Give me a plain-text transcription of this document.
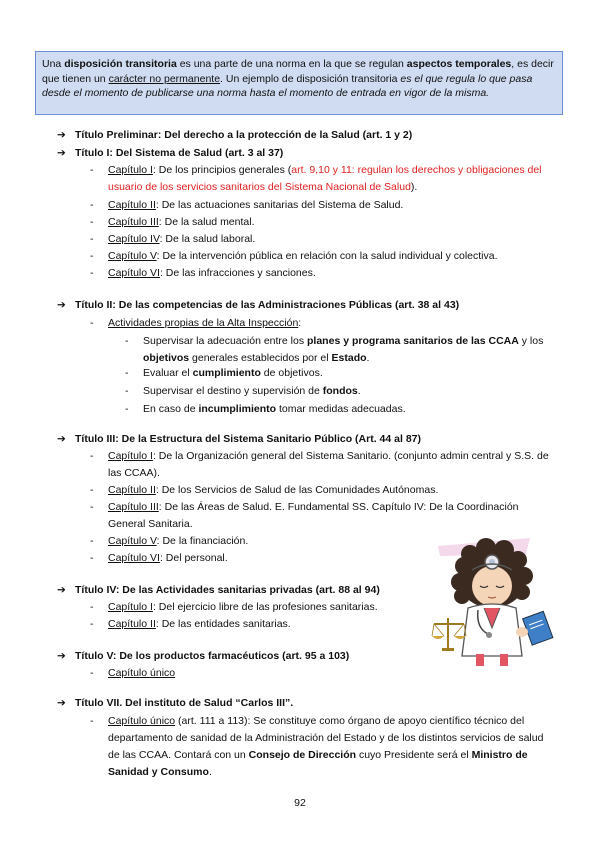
Una disposición transitoria es una parte de una norma en la que se regulan aspectos temporales, es decir que tienen un carácter no permanente. Un ejemplo de disposición transitoria es el que regula lo que pasa desde el momento de publicarse una norma hasta el momento de entrada en vigor de la misma.
➔ Título Preliminar: Del derecho a la protección de la Salud (art. 1 y 2)
➔ Título I: Del Sistema de Salud (art. 3 al 37)
- Capítulo I: De los principios generales (art. 9,10 y 11: regulan los derechos y obligaciones del usuario de los servicios sanitarios del Sistema Nacional de Salud).
- Capítulo II: De las actuaciones sanitarias del Sistema de Salud.
- Capítulo III: De la salud mental.
- Capítulo IV: De la salud laboral.
- Capítulo V: De la intervención pública en relación con la salud individual y colectiva.
- Capítulo VI: De las infracciones y sanciones.
➔ Título II: De las competencias de las Administraciones Públicas (art. 38 al 43)
- Actividades propias de la Alta Inspección:
- Supervisar la adecuación entre los planes y programa sanitarios de las CCAA y los objetivos generales establecidos por el Estado.
- Evaluar el cumplimiento de objetivos.
- Supervisar el destino y supervisión de fondos.
- En caso de incumplimiento tomar medidas adecuadas.
➔ Título III: De la Estructura del Sistema Sanitario Público (Art. 44 al 87)
- Capítulo I: De la Organización general del Sistema Sanitario. (conjunto admin central y S.S. de las CCAA).
- Capítulo II: De los Servicios de Salud de las Comunidades Autónomas.
- Capítulo III: De las Áreas de Salud. E. Fundamental SS. Capítulo IV: De la Coordinación General Sanitaria.
- Capítulo V: De la financiación.
- Capítulo VI: Del personal.
➔ Título IV: De las Actividades sanitarias privadas (art. 88 al 94)
- Capítulo I: Del ejercicio libre de las profesiones sanitarias.
- Capítulo II: De las entidades sanitarias.
➔ Título V: De los productos farmacéuticos (art. 95 a 103)
- Capítulo único
➔ Título VII. Del instituto de Salud “Carlos III”.
- Capítulo único (art. 111 a 113): Se constituye como órgano de apoyo científico técnico del departamento de sanidad de la Administración del Estado y de los distintos servicios de salud de las CCAA. Contará con un Consejo de Dirección cuyo Presidente será el Ministro de Sanidad y Consumo.
92
